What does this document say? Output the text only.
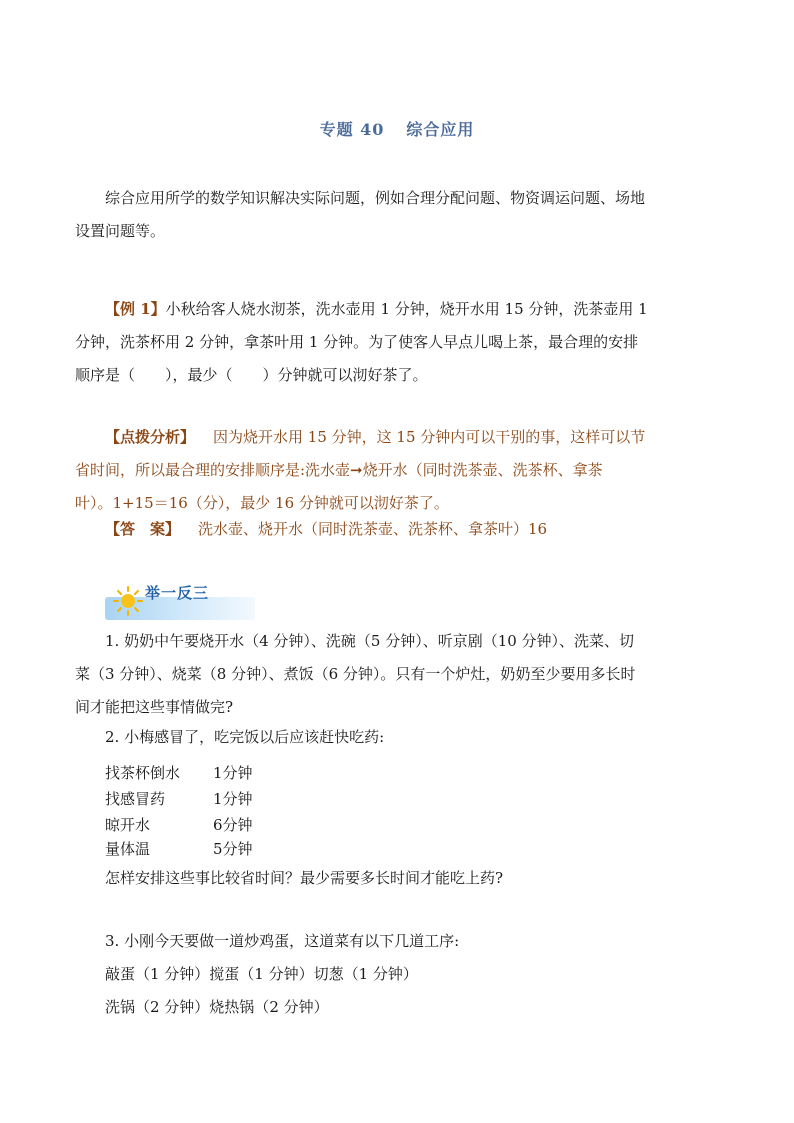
专题 40 综合应用
综合应用所学的数学知识解决实际问题，例如合理分配问题、物资调运问题、场地
设置问题等。
【例 1】小秋给客人烧水沏茶，洗水壶用 1 分钟，烧开水用 15 分钟，洗茶壶用 1
分钟，洗茶杯用 2 分钟，拿茶叶用 1 分钟。为了使客人早点儿喝上茶，最合理的安排
顺序是（　　），最少（　　）分钟就可以沏好茶了。
【点拨分析】 因为烧开水用 15 分钟，这 15 分钟内可以干别的事，这样可以节
省时间，所以最合理的安排顺序是:洗水壶➞烧开水（同时洗茶壶、洗茶杯、拿茶
叶）。1+15＝16（分），最少 16 分钟就可以沏好茶了。
【答　案】 洗水壶、烧开水（同时洗茶壶、洗茶杯、拿茶叶）16
举一反三
1. 奶奶中午要烧开水（4 分钟）、洗碗（5 分钟）、听京剧（10 分钟）、洗菜、切
菜（3 分钟）、烧菜（8 分钟）、煮饭（6 分钟）。只有一个炉灶，奶奶至少要用多长时
间才能把这些事情做完?
2. 小梅感冒了，吃完饭以后应该赶快吃药:
找茶杯倒水 1分钟
找感冒药	1分钟
晾开水	6分钟
量体温	5分钟
怎样安排这些事比较省时间？最少需要多长时间才能吃上药?
3. 小刚今天要做一道炒鸡蛋，这道菜有以下几道工序:
敲蛋（1 分钟）搅蛋（1 分钟）切葱（1 分钟）
洗锅（2 分钟）烧热锅（2 分钟）
